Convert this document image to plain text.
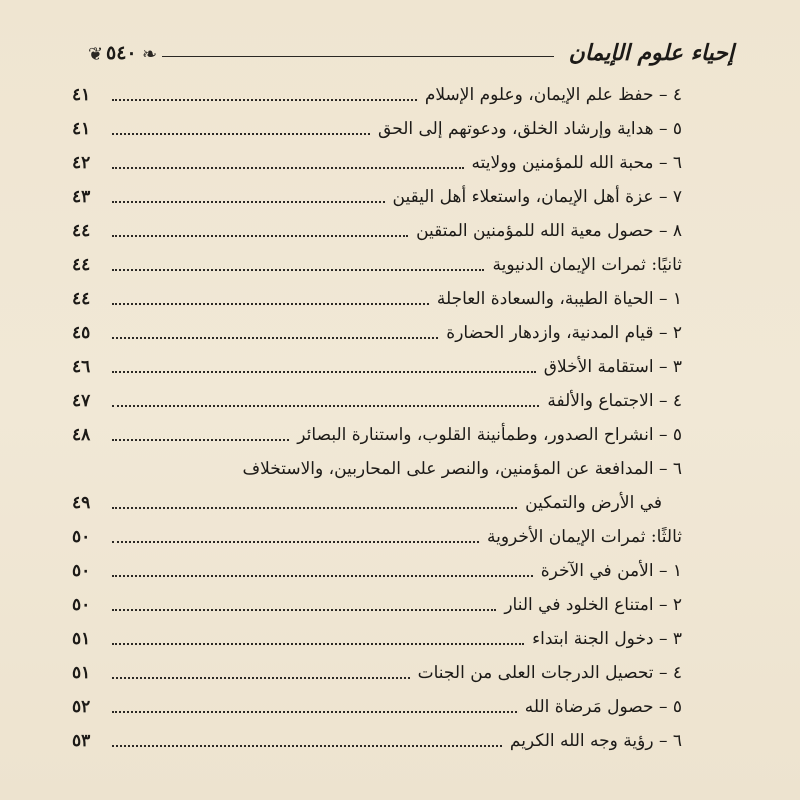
❦ ٥٤٠ ❧	إحياء علوم الإيمان
٤ – حفظ علم الإيمان، وعلوم الإسلام
٤١
٥ – هداية وإرشاد الخلق، ودعوتهم إلى الحق
٤١
٦ – محبة الله للمؤمنين وولايته
٤٢
٧ – عزة أهل الإيمان، واستعلاء أهل اليقين
٤٣
٨ – حصول معية الله للمؤمنين المتقين
٤٤
ثانيًا: ثمرات الإيمان الدنيوية
٤٤
١ – الحياة الطيبة، والسعادة العاجلة
٤٤
٢ – قيام المدنية، وازدهار الحضارة
٤٥
٣ – استقامة الأخلاق
٤٦
٤ – الاجتماع والألفة
٤٧
٥ – انشراح الصدور، وطمأنينة القلوب، واستنارة البصائر
٤٨
٦ – المدافعة عن المؤمنين، والنصر على المحاربين، والاستخلاف
في الأرض والتمكين
٤٩
ثالثًا: ثمرات الإيمان الأخروية
٥٠
١ – الأمن في الآخرة
٥٠
٢ – امتناع الخلود في النار
٥٠
٣ – دخول الجنة ابتداء
٥١
٤ – تحصيل الدرجات العلى من الجنات
٥١
٥ – حصول مَرضاة الله
٥٢
٦ – رؤية وجه الله الكريم
٥٣
